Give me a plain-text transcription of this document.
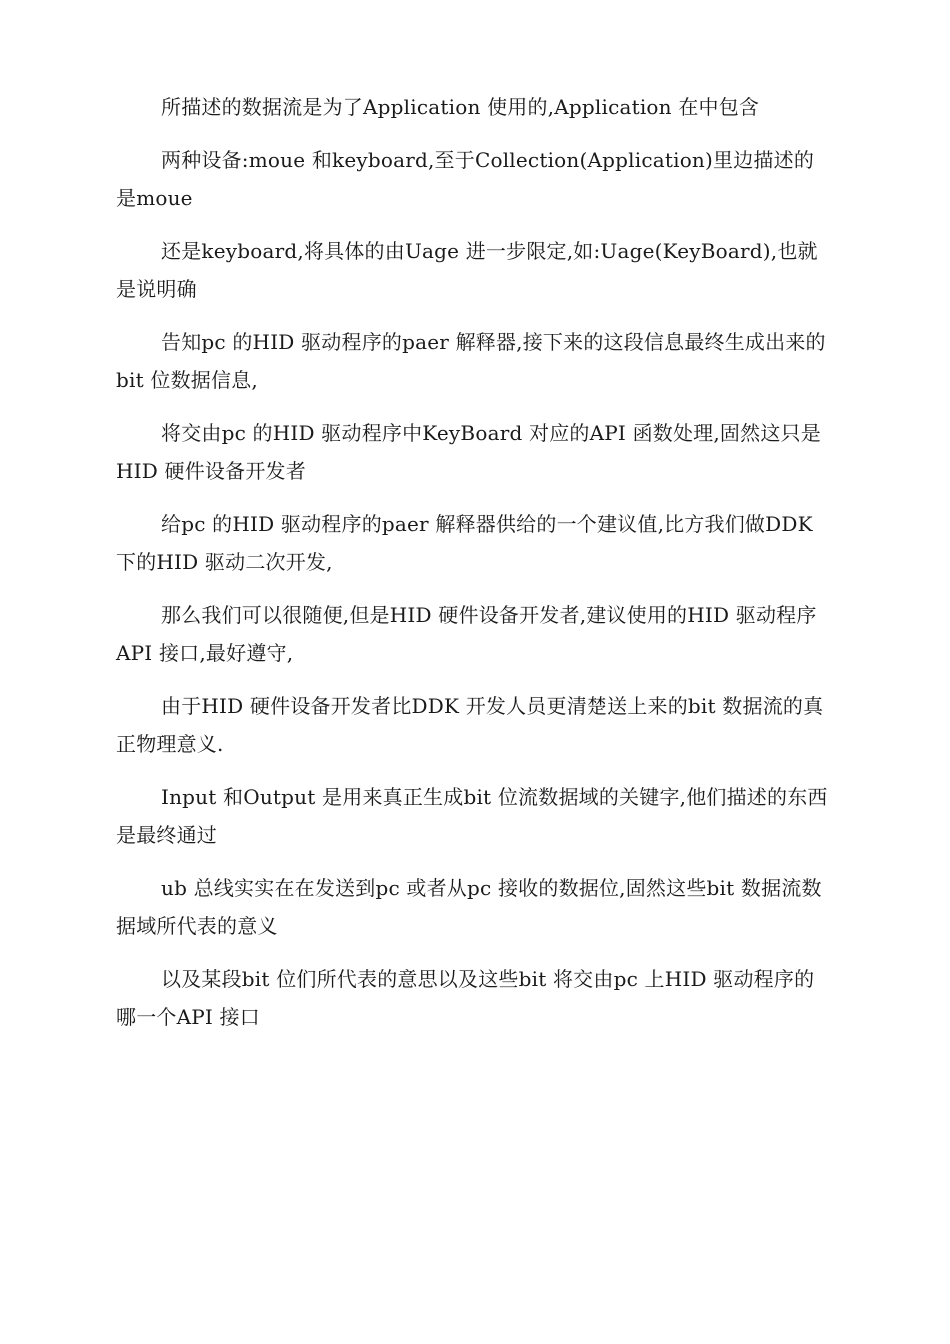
所描述的数据流是为了Application 使用的,Application 在中包含

两种设备:moue 和keyboard,至于Collection(Application)里边描述的是moue

还是keyboard,将具体的由Uage 进一步限定,如:Uage(KeyBoard),也就是说明确

告知pc 的HID 驱动程序的paer 解释器,接下来的这段信息最终生成出来的bit 位数据信息,

将交由pc 的HID 驱动程序中KeyBoard 对应的API 函数处理,固然这只是HID 硬件设备开发者

给pc 的HID 驱动程序的paer 解释器供给的一个建议值,比方我们做DDK 下的HID 驱动二次开发,

那么我们可以很随便,但是HID 硬件设备开发者,建议使用的HID 驱动程序API 接口,最好遵守,

由于HID 硬件设备开发者比DDK 开发人员更清楚送上来的bit 数据流的真正物理意义.

Input 和Output 是用来真正生成bit 位流数据域的关键字,他们描述的东西是最终通过

ub 总线实实在在发送到pc 或者从pc 接收的数据位,固然这些bit 数据流数据域所代表的意义

以及某段bit 位们所代表的意思以及这些bit 将交由pc 上HID 驱动程序的哪一个API 接口
